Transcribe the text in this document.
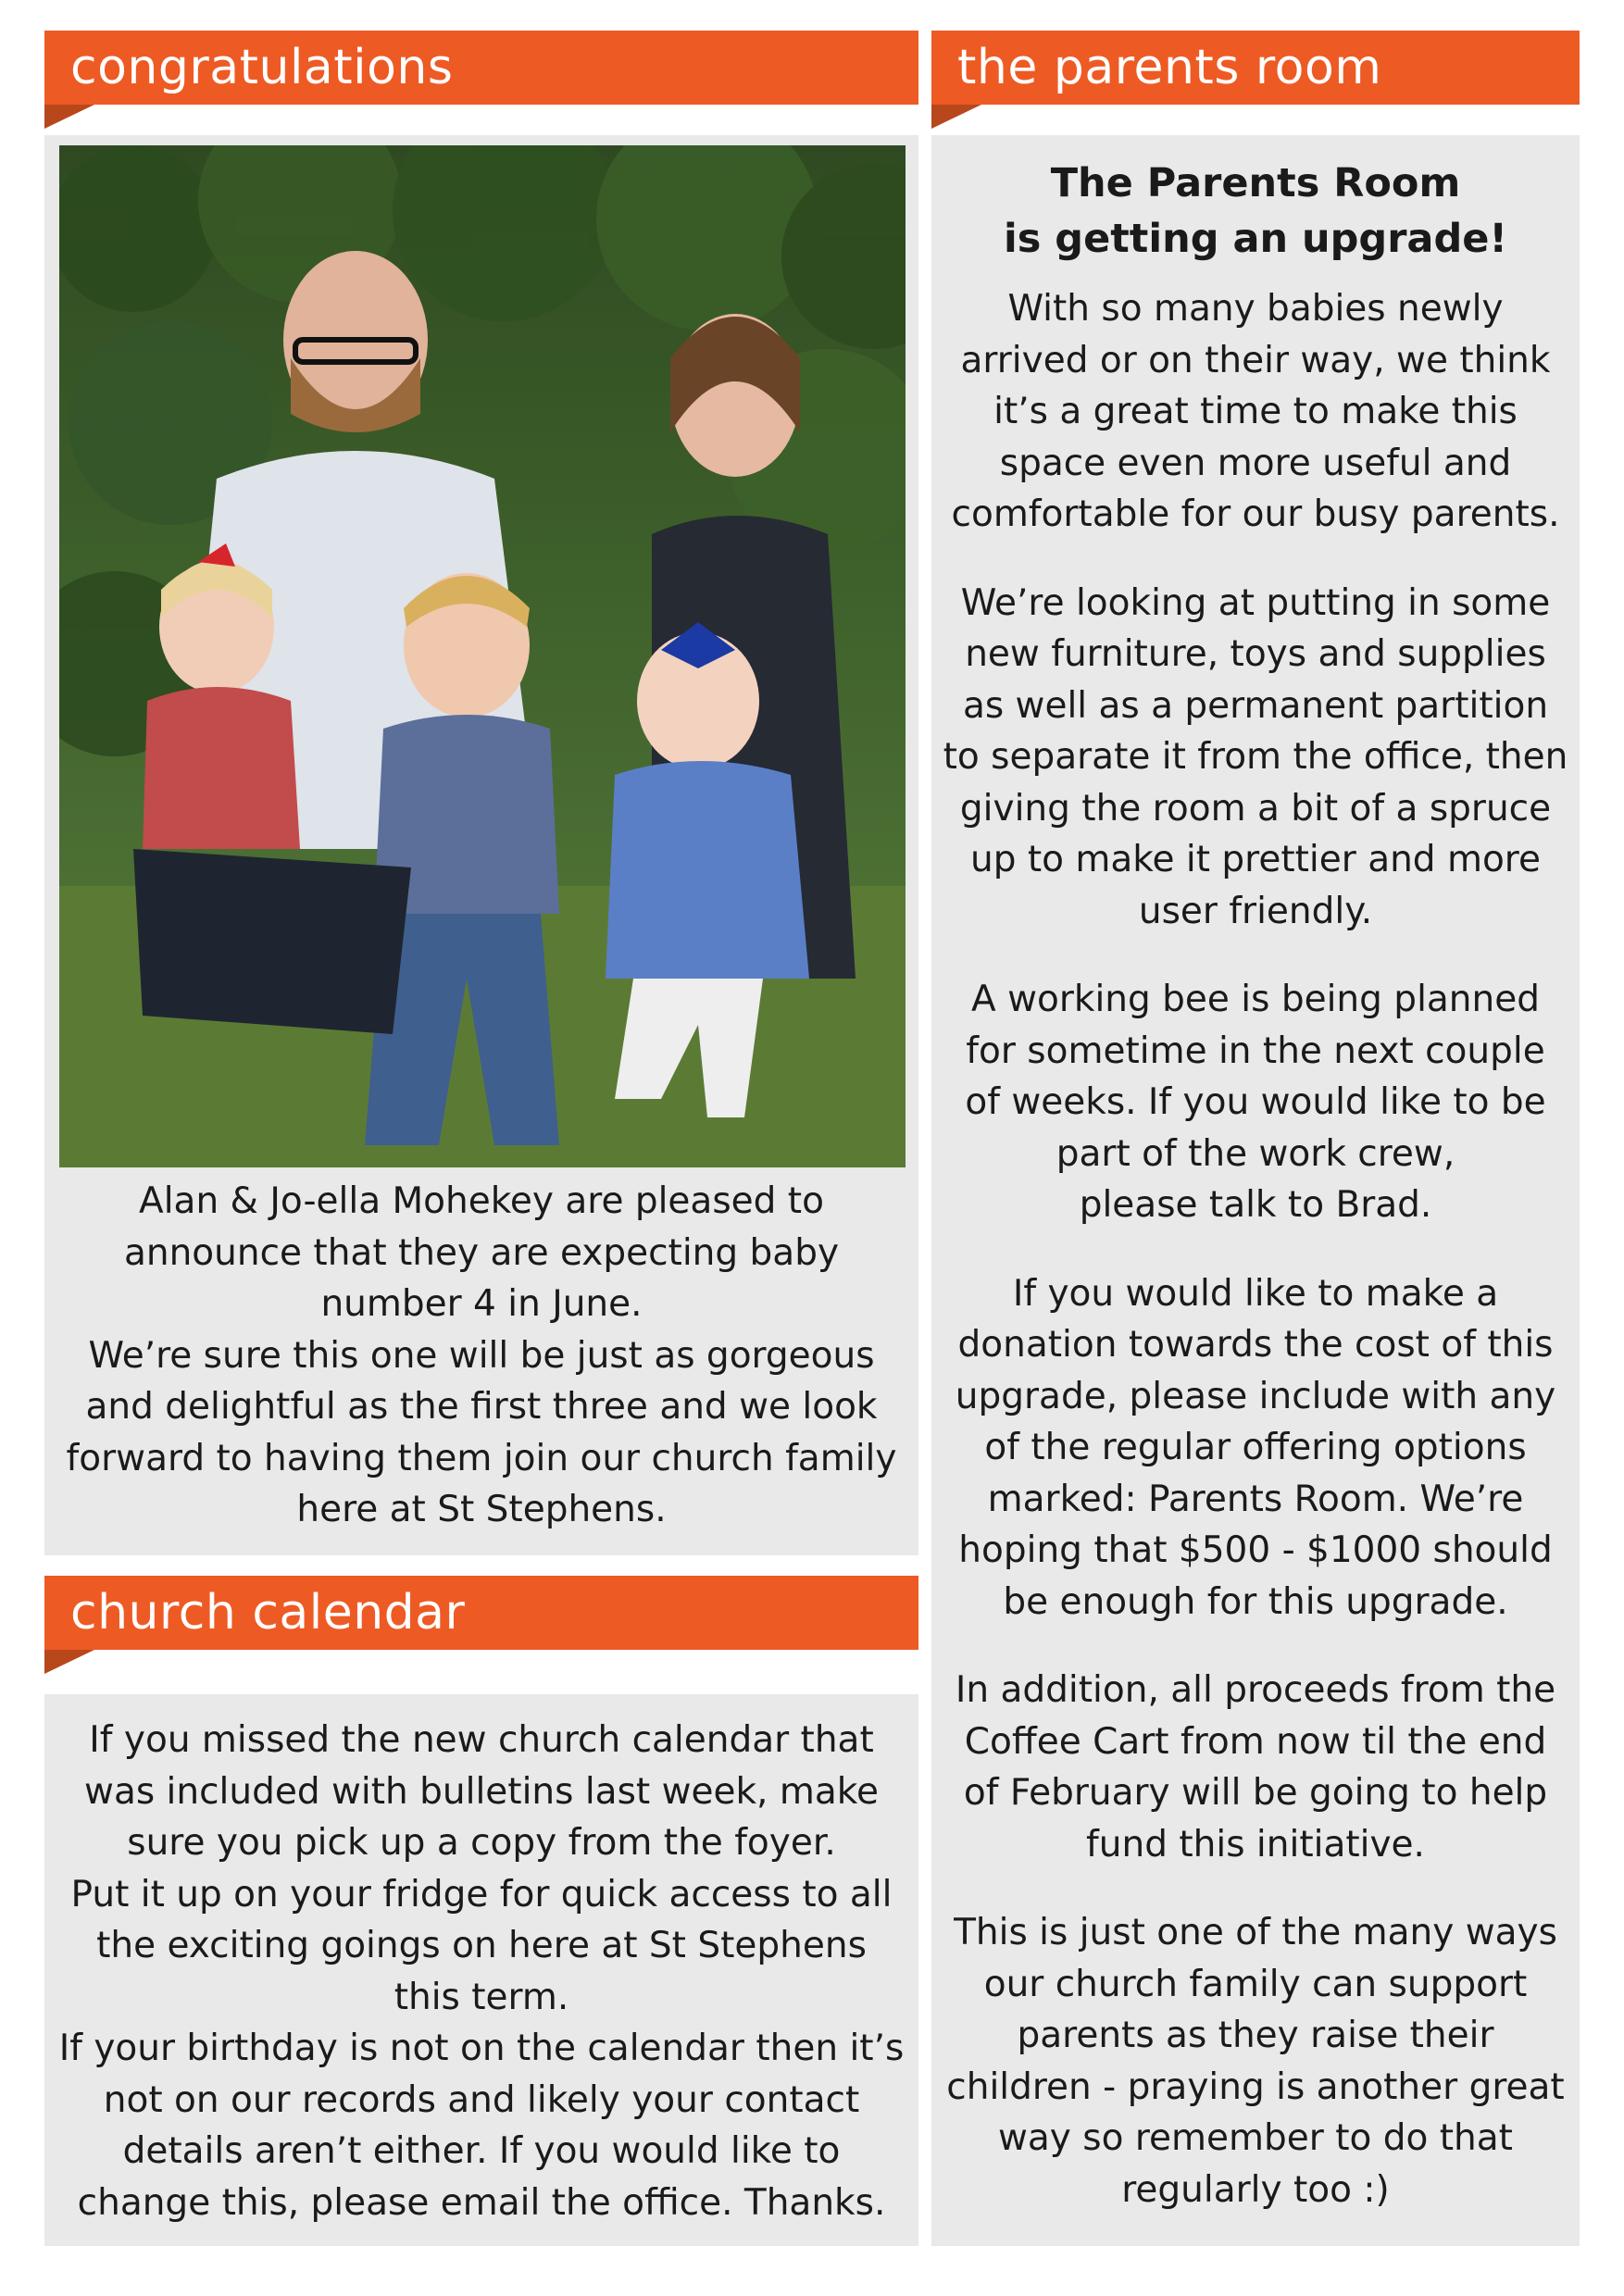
congratulations

Alan & Jo-ella Mohekey are pleased to

announce that they are expecting baby

number 4 in June.

We’re sure this one will be just as gorgeous

and delightful as the first three and we look

forward to having them join our church family

here at St Stephens.

church calendar

If you missed the new church calendar that

was included with bulletins last week, make

sure you pick up a copy from the foyer.

Put it up on your fridge for quick access to all

the exciting goings on here at St Stephens

this term.

If your birthday is not on the calendar then it’s

not on our records and likely your contact

details aren’t either. If you would like to

change this, please email the office. Thanks.

the parents room

The Parents Room
is getting an upgrade!

With so many babies newly

arrived or on their way, we think

it’s a great time to make this

space even more useful and

comfortable for our busy parents.

We’re looking at putting in some

new furniture, toys and supplies

as well as a permanent partition

to separate it from the office, then

giving the room a bit of a spruce

up to make it prettier and more

user friendly.

A working bee is being planned

for sometime in the next couple

of weeks. If you would like to be

part of the work crew,

please talk to Brad.

If you would like to make a

donation towards the cost of this

upgrade, please include with any

of the regular offering options

marked: Parents Room. We’re

hoping that $500 - $1000 should

be enough for this upgrade.

In addition, all proceeds from the

Coffee Cart from now til the end

of February will be going to help

fund this initiative.

This is just one of the many ways

our church family can support

parents as they raise their

children - praying is another great

way so remember to do that

regularly too :)
